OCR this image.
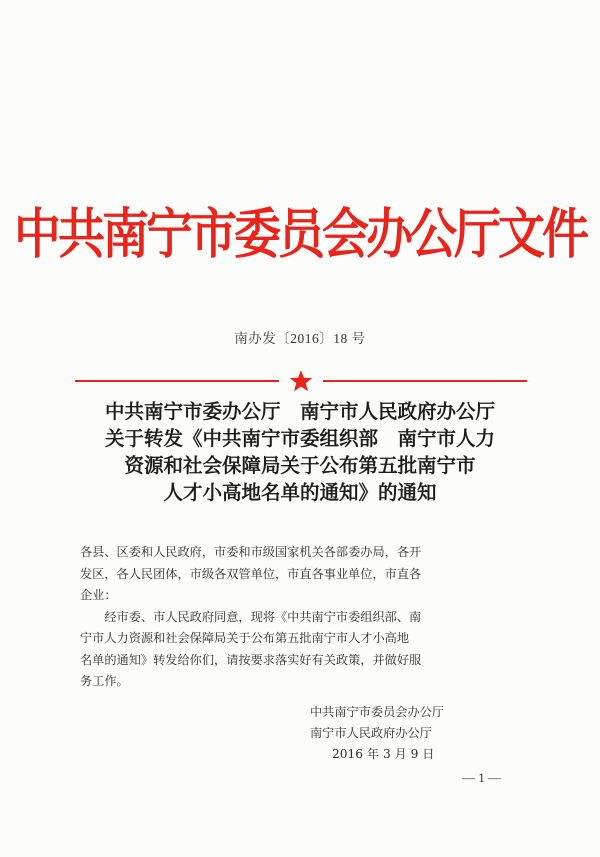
中共南宁市委员会办公厅文件
南办发〔2016〕18 号
中共南宁市委办公厅　南宁市人民政府办公厅
关于转发《中共南宁市委组织部　南宁市人力
资源和社会保障局关于公布第五批南宁市
人才小高地名单的通知》的通知

各县、区委和人民政府，市委和市级国家机关各部委办局，各开
发区，各人民团体，市级各双管单位，市直各事业单位，市直各
企业：

　　经市委、市人民政府同意，现将《中共南宁市委组织部、南
宁市人力资源和社会保障局关于公布第五批南宁市人才小高地
名单的通知》转发给你们，请按要求落实好有关政策，并做好服
务工作。

中共南宁市委员会办公厅
南宁市人民政府办公厅
2016 年 3 月 9 日
— 1 —
